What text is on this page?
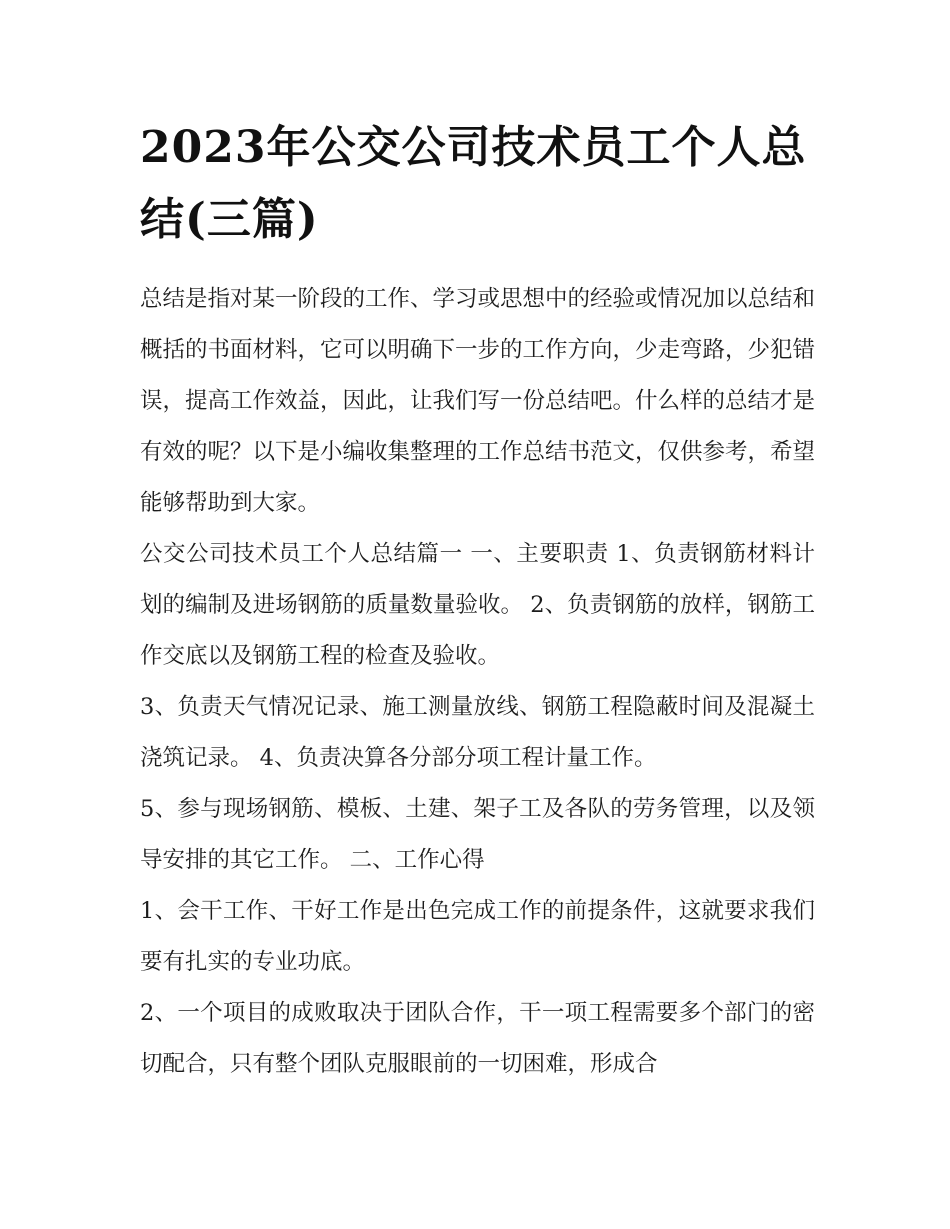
2023年公交公司技术员工个人总结(三篇)

总结是指对某一阶段的工作、学习或思想中的经验或情况加以总结和概括的书面材料，它可以明确下一步的工作方向，少走弯路，少犯错误，提高工作效益，因此，让我们写一份总结吧。什么样的总结才是有效的呢？以下是小编收集整理的工作总结书范文，仅供参考，希望能够帮助到大家。

公交公司技术员工个人总结篇一 一、主要职责 1、负责钢筋材料计划的编制及进场钢筋的质量数量验收。 2、负责钢筋的放样，钢筋工作交底以及钢筋工程的检查及验收。

3、负责天气情况记录、施工测量放线、钢筋工程隐蔽时间及混凝土浇筑记录。 4、负责决算各分部分项工程计量工作。

5、参与现场钢筋、模板、土建、架子工及各队的劳务管理，以及领导安排的其它工作。 二、工作心得

1、会干工作、干好工作是出色完成工作的前提条件，这就要求我们要有扎实的专业功底。

2、一个项目的成败取决于团队合作，干一项工程需要多个部门的密切配合，只有整个团队克服眼前的一切困难，形成合
